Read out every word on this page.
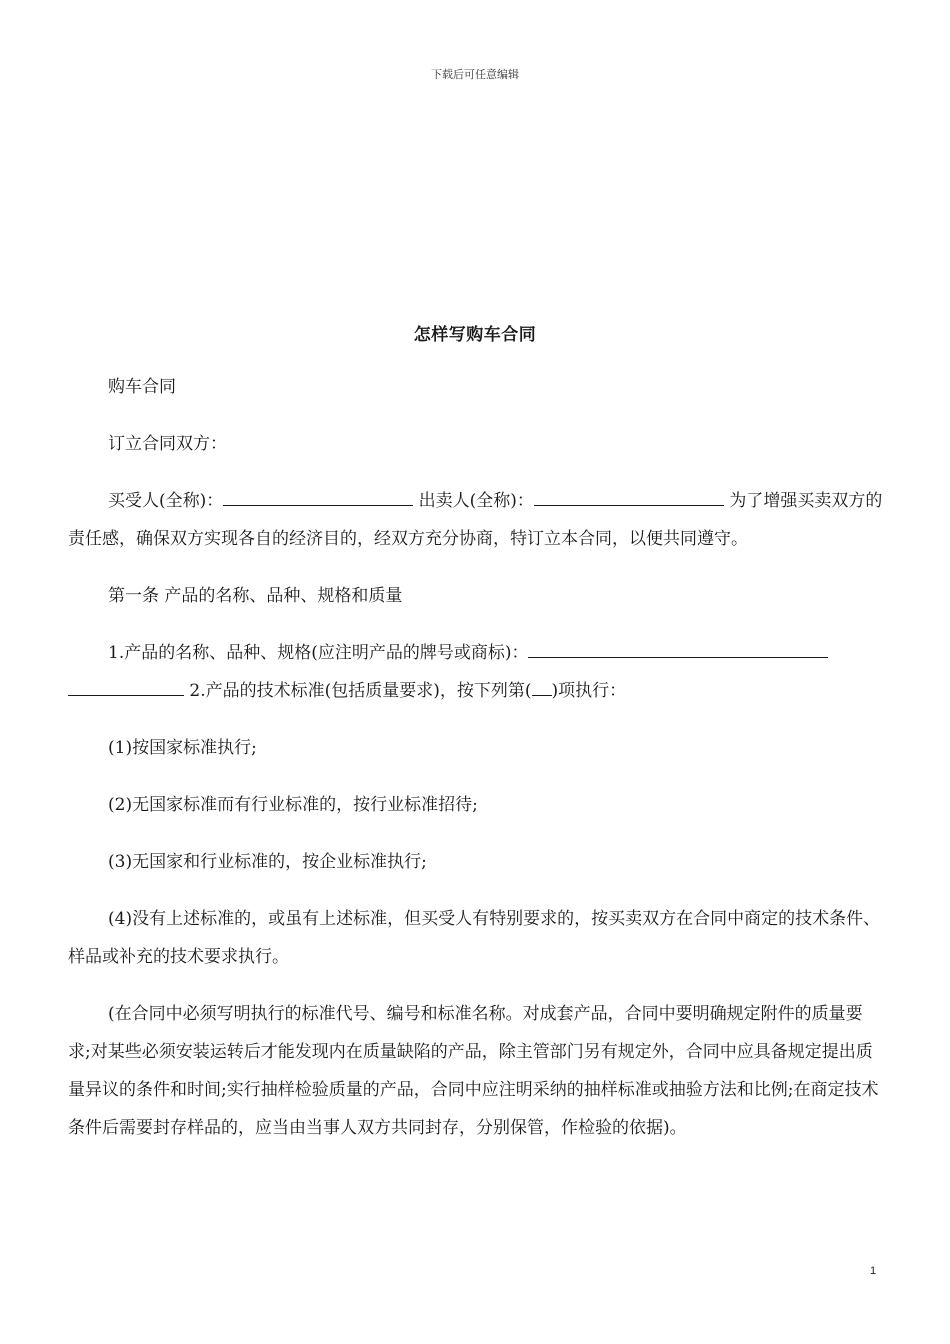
下载后可任意编辑
怎样写购车合同

购车合同

订立合同双方：

买受人(全称)：	出卖人(全称)：	为了增强买卖双方的责任感，确保双方实现各自的经济目的，经双方充分协商，特订立本合同，以便共同遵守。

第一条 产品的名称、品种、规格和质量

1.产品的名称、品种、规格(应注明产品的牌号或商标)： 2.产品的技术标准(包括质量要求)，按下列第( )项执行：

(1)按国家标准执行;

(2)无国家标准而有行业标准的，按行业标准招待;

(3)无国家和行业标准的，按企业标准执行;

(4)没有上述标准的，或虽有上述标准，但买受人有特别要求的，按买卖双方在合同中商定的技术条件、样品或补充的技术要求执行。

(在合同中必须写明执行的标准代号、编号和标准名称。对成套产品，合同中要明确规定附件的质量要求;对某些必须安装运转后才能发现内在质量缺陷的产品，除主管部门另有规定外，合同中应具备规定提出质量异议的条件和时间;实行抽样检验质量的产品，合同中应注明采纳的抽样标准或抽验方法和比例;在商定技术条件后需要封存样品的，应当由当事人双方共同封存，分别保管，作检验的依据)。

1
